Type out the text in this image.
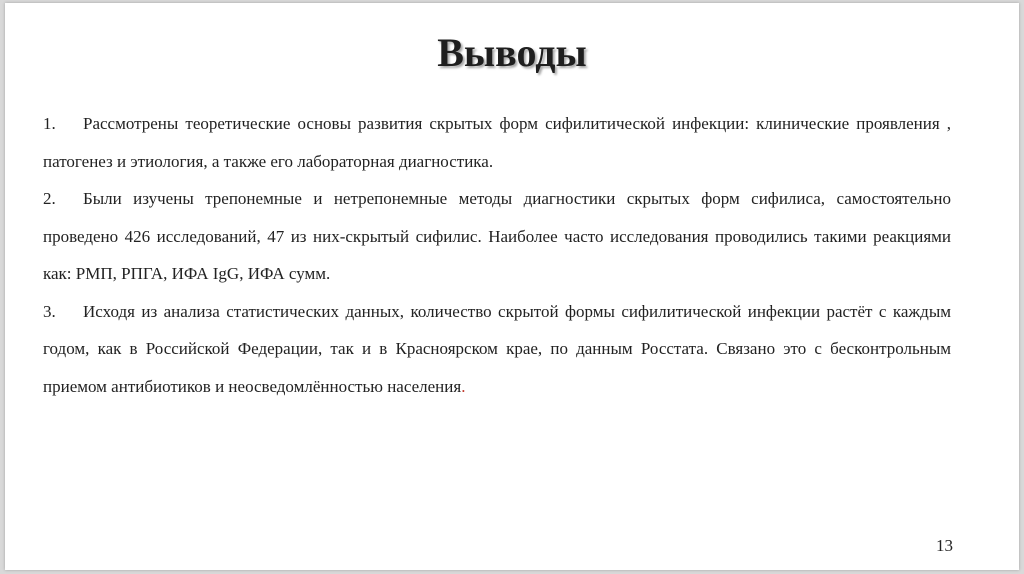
Выводы
1. Рассмотрены теоретические основы развития скрытых форм сифилитической инфекции: клинические проявления , патогенез и этиология, а также его лабораторная диагностика.
2. Были изучены трепонемные и нетрепонемные методы диагностики скрытых форм сифилиса, самостоятельно проведено 426 исследований, 47 из них-скрытый сифилис. Наиболее часто исследования проводились такими реакциями как: РМП, РПГА, ИФА IgG, ИФА сумм.
3. Исходя из анализа статистических данных, количество скрытой формы сифилитической инфекции растёт с каждым годом, как в Российской Федерации, так и в Красноярском крае, по данным Росстата. Связано это с бесконтрольным приемом антибиотиков и неосведомлённостью населения.
13
